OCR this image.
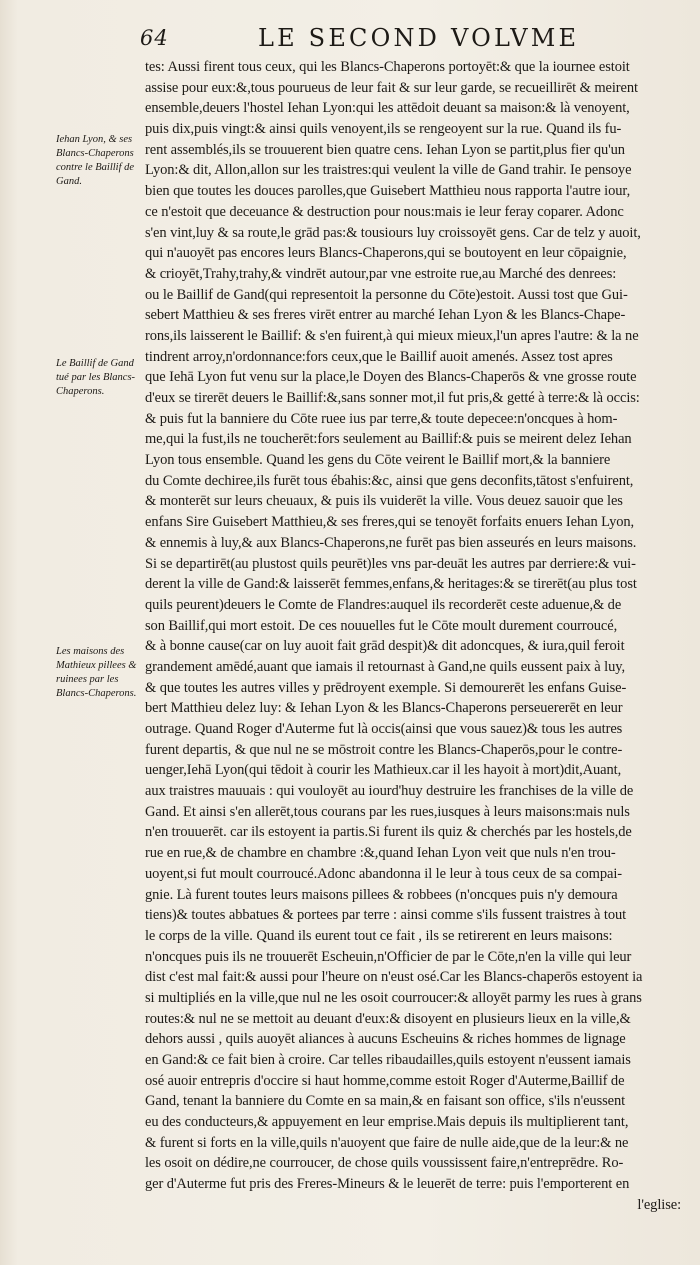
64	LE SECOND VOLVME
Iehan Lyon, & ses Blancs-Chaperons contre le Baillif de Gand.
Le Baillif de Gand tué par les Blancs-Chaperons.
Les maisons des Mathieux pillees & ruinees par les Blancs-Chaperons.
tes: Aussi firent tous ceux, qui les Blancs-Chaperons portoyēt:& que la iournee estoit
assise pour eux:&,tous pourueus de leur fait & sur leur garde, se recueillirēt & meirent
ensemble,deuers l'hostel Iehan Lyon:qui les attēdoit deuant sa maison:& là venoyent,
puis dix,puis vingt:& ainsi quils venoyent,ils se rengeoyent sur la rue. Quand ils fu-
rent assemblés,ils se trouuerent bien quatre cens. Iehan Lyon se partit,plus fier qu'un
Lyon:& dit, Allon,allon sur les traistres:qui veulent la ville de Gand trahir. Ie pensoye
bien que toutes les douces parolles,que Guisebert Matthieu nous rapporta l'autre iour,
ce n'estoit que deceuance & destruction pour nous:mais ie leur feray coparer. Adonc
s'en vint,luy & sa route,le grād pas:& tousiours luy croissoyēt gens. Car de telz y auoit,
qui n'auoyēt pas encores leurs Blancs-Chaperons,qui se boutoyent en leur cōpaignie,
& crioyēt,Trahy,trahy,& vindrēt autour,par vne estroite rue,au Marché des denrees:
ou le Baillif de Gand(qui representoit la personne du Cōte)estoit. Aussi tost que Gui-
sebert Matthieu & ses freres virēt entrer au marché Iehan Lyon & les Blancs-Chape-
rons,ils laisserent le Baillif: & s'en fuirent,à qui mieux mieux,l'un apres l'autre: & la ne
tindrent arroy,n'ordonnance:fors ceux,que le Baillif auoit amenés. Assez tost apres
que Iehā Lyon fut venu sur la place,le Doyen des Blancs-Chaperōs & vne grosse route
d'eux se tirerēt deuers le Baillif:&,sans sonner mot,il fut pris,& getté à terre:& là occis:
& puis fut la banniere du Cōte ruee ius par terre,& toute depecee:n'oncques à hom-
me,qui la fust,ils ne toucherēt:fors seulement au Baillif:& puis se meirent delez Iehan
Lyon tous ensemble. Quand les gens du Cōte veirent le Baillif mort,& la banniere
du Comte dechiree,ils furēt tous ébahis:&c, ainsi que gens deconfits,tātost s'enfuirent,
& monterēt sur leurs cheuaux, & puis ils vuiderēt la ville. Vous deuez sauoir que les
enfans Sire Guisebert Matthieu,& ses freres,qui se tenoyēt forfaits enuers Iehan Lyon,
& ennemis à luy,& aux Blancs-Chaperons,ne furēt pas bien asseurés en leurs maisons.
Si se departirēt(au plustost quils peurēt)les vns par-deuāt les autres par derriere:& vui-
derent la ville de Gand:& laisserēt femmes,enfans,& heritages:& se tirerēt(au plus tost
quils peurent)deuers le Comte de Flandres:auquel ils recorderēt ceste aduenue,& de
son Baillif,qui mort estoit. De ces nouuelles fut le Cōte moult durement courroucé,
& à bonne cause(car on luy auoit fait grād despit)& dit adoncques, & iura,quil feroit
grandement amēdé,auant que iamais il retournast à Gand,ne quils eussent paix à luy,
& que toutes les autres villes y prēdroyent exemple. Si demourerēt les enfans Guise-
bert Matthieu delez luy: & Iehan Lyon & les Blancs-Chaperons perseuererēt en leur
outrage. Quand Roger d'Auterme fut là occis(ainsi que vous sauez)& tous les autres
furent departis, & que nul ne se mōstroit contre les Blancs-Chaperōs,pour le contre-
uenger,Iehā Lyon(qui tēdoit à courir les Mathieux.car il les hayoit à mort)dit,Auant,
aux traistres mauuais : qui vouloyēt au iourd'huy destruire les franchises de la ville de
Gand. Et ainsi s'en allerēt,tous courans par les rues,iusques à leurs maisons:mais nuls
n'en trouuerēt. car ils estoyent ia partis.Si furent ils quiz & cherchés par les hostels,de
rue en rue,& de chambre en chambre :&,quand Iehan Lyon veit que nuls n'en trou-
uoyent,si fut moult courroucé.Adonc abandonna il le leur à tous ceux de sa compai-
gnie. Là furent toutes leurs maisons pillees & robbees (n'oncques puis n'y demoura
tiens)& toutes abbatues & portees par terre : ainsi comme s'ils fussent traistres à tout
le corps de la ville. Quand ils eurent tout ce fait , ils se retirerent en leurs maisons:
n'oncques puis ils ne trouuerēt Escheuin,n'Officier de par le Cōte,n'en la ville qui leur
dist c'est mal fait:& aussi pour l'heure on n'eust osé.Car les Blancs-chaperōs estoyent ia
si multipliés en la ville,que nul ne les osoit courroucer:& alloyēt parmy les rues à grans
routes:& nul ne se mettoit au deuant d'eux:& disoyent en plusieurs lieux en la ville,&
dehors aussi , quils auoyēt aliances à aucuns Escheuins & riches hommes de lignage
en Gand:& ce fait bien à croire. Car telles ribaudailles,quils estoyent n'eussent iamais
osé auoir entrepris d'occire si haut homme,comme estoit Roger d'Auterme,Baillif de
Gand, tenant la banniere du Comte en sa main,& en faisant son office, s'ils n'eussent
eu des conducteurs,& appuyement en leur emprise.Mais depuis ils multiplierent tant,
& furent si forts en la ville,quils n'auoyent que faire de nulle aide,que de la leur:& ne
les osoit on dédire,ne courroucer, de chose quils voussissent faire,n'entreprēdre. Ro-
ger d'Auterme fut pris des Freres-Mineurs & le leuerēt de terre: puis l'emporterent en
l'eglise:
